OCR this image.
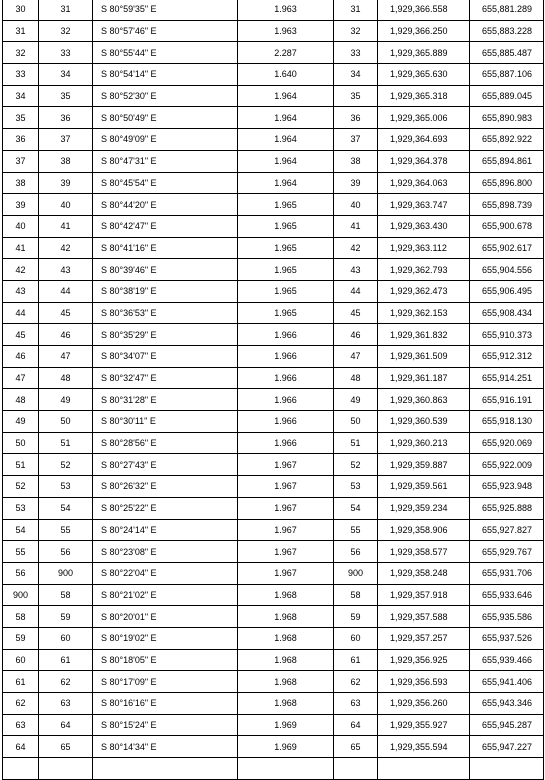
30	31	S 80°59'35" E	1.963	31	1,929,366.558	655,881.289
31	32	S 80°57'46" E	1.963	32	1,929,366.250	655,883.228
32	33	S 80°55'44" E	2.287	33	1,929,365.889	655,885.487
33	34	S 80°54'14" E	1.640	34	1,929,365.630	655,887.106
34	35	S 80°52'30" E	1.964	35	1,929,365.318	655,889.045
35	36	S 80°50'49" E	1.964	36	1,929,365.006	655,890.983
36	37	S 80°49'09" E	1.964	37	1,929,364.693	655,892.922
37	38	S 80°47'31" E	1.964	38	1,929,364.378	655,894.861
38	39	S 80°45'54" E	1.964	39	1,929,364.063	655,896.800
39	40	S 80°44'20" E	1.965	40	1,929,363.747	655,898.739
40	41	S 80°42'47" E	1.965	41	1,929,363.430	655,900.678
41	42	S 80°41'16" E	1.965	42	1,929,363.112	655,902.617
42	43	S 80°39'46" E	1.965	43	1,929,362.793	655,904.556
43	44	S 80°38'19" E	1.965	44	1,929,362.473	655,906.495
44	45	S 80°36'53" E	1.965	45	1,929,362.153	655,908.434
45	46	S 80°35'29" E	1.966	46	1,929,361.832	655,910.373
46	47	S 80°34'07" E	1.966	47	1,929,361.509	655,912.312
47	48	S 80°32'47" E	1.966	48	1,929,361.187	655,914.251
48	49	S 80°31'28" E	1.966	49	1,929,360.863	655,916.191
49	50	S 80°30'11" E	1.966	50	1,929,360.539	655,918.130
50	51	S 80°28'56" E	1.966	51	1,929,360.213	655,920.069
51	52	S 80°27'43" E	1.967	52	1,929,359.887	655,922.009
52	53	S 80°26'32" E	1.967	53	1,929,359.561	655,923.948
53	54	S 80°25'22" E	1.967	54	1,929,359.234	655,925.888
54	55	S 80°24'14" E	1.967	55	1,929,358.906	655,927.827
55	56	S 80°23'08" E	1.967	56	1,929,358.577	655,929.767
56	900	S 80°22'04" E	1.967	900	1,929,358.248	655,931.706
900	58	S 80°21'02" E	1.968	58	1,929,357.918	655,933.646
58	59	S 80°20'01" E	1.968	59	1,929,357.588	655,935.586
59	60	S 80°19'02" E	1.968	60	1,929,357.257	655,937.526
60	61	S 80°18'05" E	1.968	61	1,929,356.925	655,939.466
61	62	S 80°17'09" E	1.968	62	1,929,356.593	655,941.406
62	63	S 80°16'16" E	1.968	63	1,929,356.260	655,943.346
63	64	S 80°15'24" E	1.969	64	1,929,355.927	655,945.287
64	65	S 80°14'34" E	1.969	65	1,929,355.594	655,947.227
